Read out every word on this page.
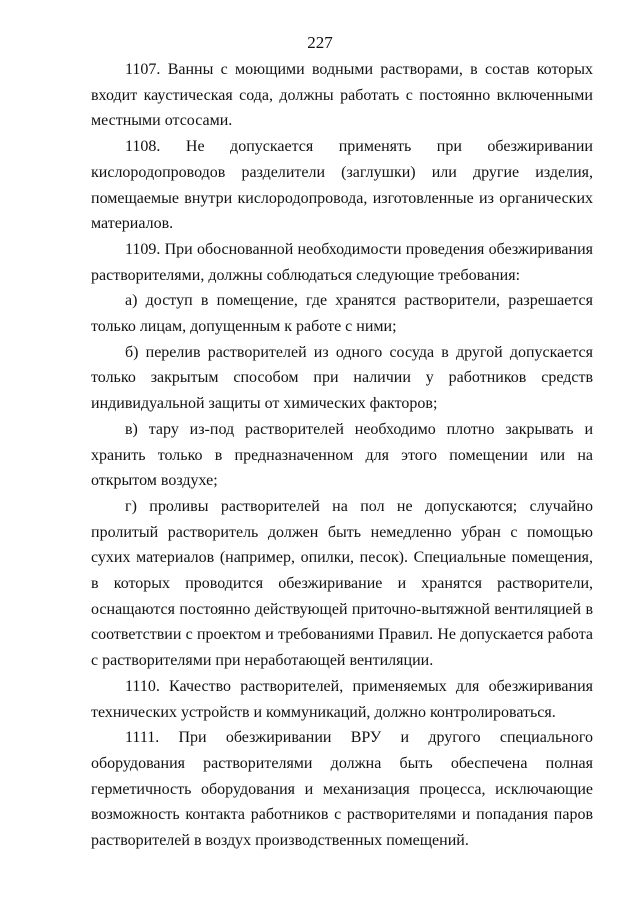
227

1107. Ванны с моющими водными растворами, в состав которых входит каустическая сода, должны работать с постоянно включенными местными отсосами.

1108. Не допускается применять при обезжиривании кислородопроводов разделители (заглушки) или другие изделия, помещаемые внутри кислородопровода, изготовленные из органических материалов.

1109. При обоснованной необходимости проведения обезжиривания растворителями, должны соблюдаться следующие требования:

а) доступ в помещение, где хранятся растворители, разрешается только лицам, допущенным к работе с ними;

б) перелив растворителей из одного сосуда в другой допускается только закрытым способом при наличии у работников средств индивидуальной защиты от химических факторов;

в) тару из-под растворителей необходимо плотно закрывать и хранить только в предназначенном для этого помещении или на открытом воздухе;

г) проливы растворителей на пол не допускаются; случайно пролитый растворитель должен быть немедленно убран с помощью сухих материалов (например, опилки, песок). Специальные помещения, в которых проводится обезжиривание и хранятся растворители, оснащаются постоянно действующей приточно-вытяжной вентиляцией в соответствии с проектом и требованиями Правил. Не допускается работа с растворителями при неработающей вентиляции.

1110. Качество растворителей, применяемых для обезжиривания технических устройств и коммуникаций, должно контролироваться.

1111. При обезжиривании ВРУ и другого специального оборудования растворителями должна быть обеспечена полная герметичность оборудования и механизация процесса, исключающие возможность контакта работников с растворителями и попадания паров растворителей в воздух производственных помещений.
